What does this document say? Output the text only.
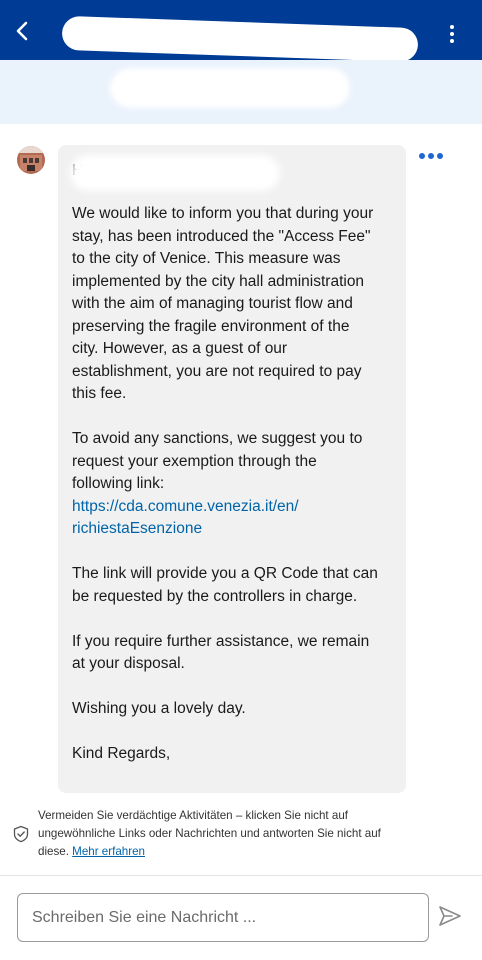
We would like to inform you that during your
stay, has been introduced the "Access Fee"
to the city of Venice. This measure was
implemented by the city hall administration
with the aim of managing tourist flow and
preserving the fragile environment of the
city. However, as a guest of our
establishment, you are not required to pay
this fee.
To avoid any sanctions, we suggest you to
request your exemption through the
following link:
https://cda.comune.venezia.it/en/
richiestaEsenzione
The link will provide you a QR Code that can
be requested by the controllers in charge.
If you require further assistance, we remain
at your disposal.
Wishing you a lovely day.
Kind Regards,
Vermeiden Sie verdächtige Aktivitäten – klicken Sie nicht auf
ungewöhnliche Links oder Nachrichten und antworten Sie nicht auf
diese. Mehr erfahren
Schreiben Sie eine Nachricht ...
